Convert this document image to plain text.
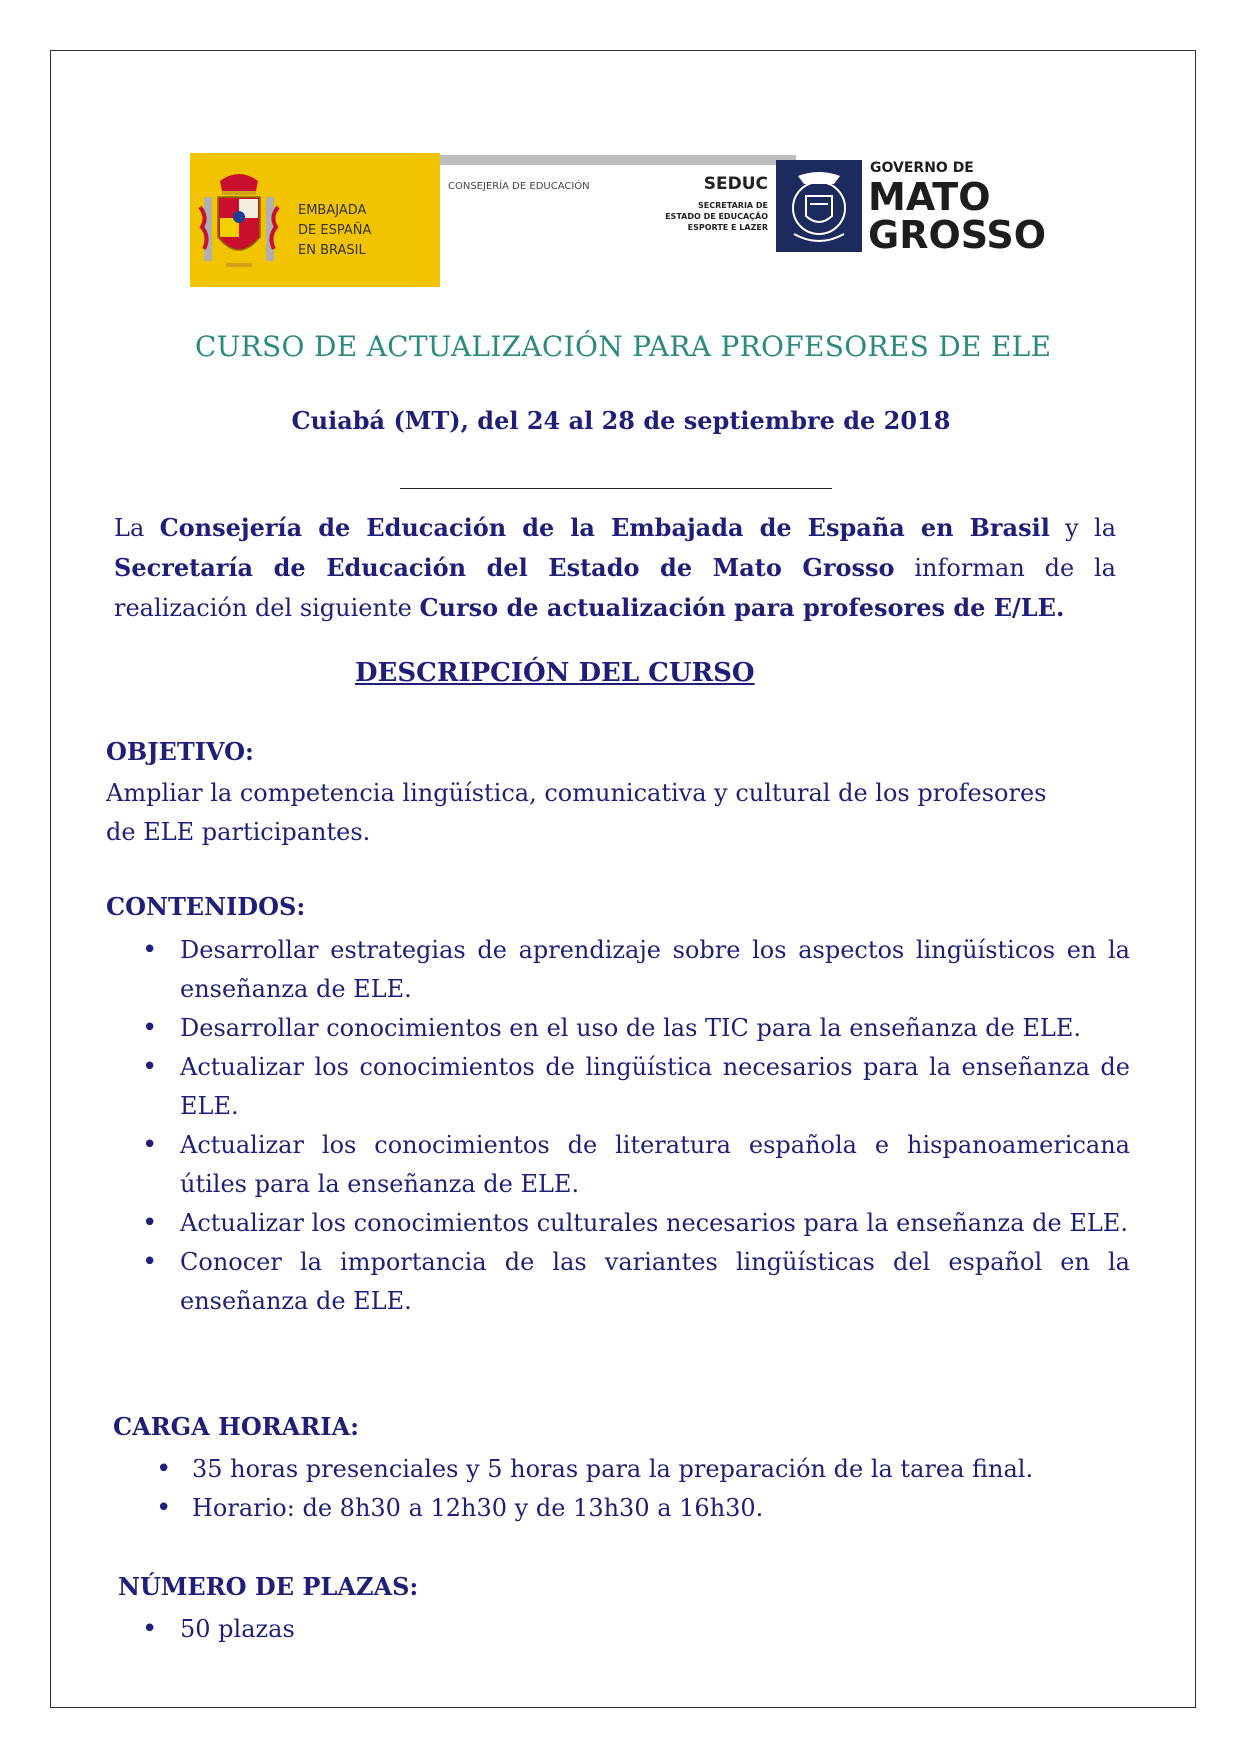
EMBAJADA
DE ESPAÑA
EN BRASIL
CONSEJERÍA DE EDUCACIÓN	SEDUC
SECRETARIA DE
ESTADO DE EDUCAÇÃO
ESPORTE E LAZER
GOVERNO DE
MATO
GROSSO
CURSO DE ACTUALIZACIÓN PARA PROFESORES DE ELE
Cuiabá (MT), del 24 al 28 de septiembre de 2018
La Consejería de Educación de la Embajada de España en Brasil y la Secretaría de Educación del Estado de Mato Grosso informan de la realización del siguiente Curso de actualización para profesores de E/LE.
DESCRIPCIÓN DEL CURSO
OBJETIVO:
Ampliar la competencia lingüística, comunicativa y cultural de los profesores
de ELE participantes.
CONTENIDOS:
• Desarrollar estrategias de aprendizaje sobre los aspectos lingüísticos en la enseñanza de ELE.
• Desarrollar conocimientos en el uso de las TIC para la enseñanza de ELE.
• Actualizar los conocimientos de lingüística necesarios para la enseñanza de ELE.
• Actualizar los conocimientos de literatura española e hispanoamericana útiles para la enseñanza de ELE.
• Actualizar los conocimientos culturales necesarios para la enseñanza de ELE.
• Conocer la importancia de las variantes lingüísticas del español en la enseñanza de ELE.
CARGA HORARIA:
• 35 horas presenciales y 5 horas para la preparación de la tarea final.
• Horario: de 8h30 a 12h30 y de 13h30 a 16h30.
NÚMERO DE PLAZAS:
• 50 plazas
